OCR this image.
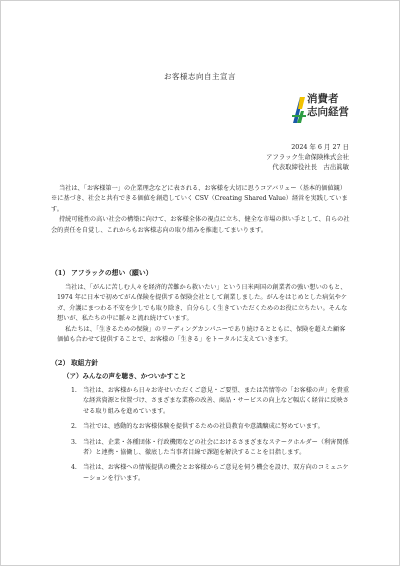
お客様志向自主宣言
消費者
志向経営
2024 年 6 月 27 日
アフラック生命保険株式会社
代表取締役社長　古出眞敏

当社は、「お客様第一」の企業理念などに表される、お客様を大切に思うコアバリュー（基本的価値観）※に基づき、社会と共有できる価値を創造していく CSV（Creating Shared Value）経営を実践しています。

持続可能性の高い社会の構築に向けて、お客様全体の視点に立ち、健全な市場の担い手として、自らの社会的責任を自覚し、これからもお客様志向の取り組みを推進してまいります。

（1） アフラックの想い（願い）

当社は、「がんに苦しむ人々を経済的苦難から救いたい」という日米両国の創業者の強い想いのもと、1974 年に日本で初めてがん保険を提供する保険会社として創業しました。がんをはじめとした病気やケガ、介護にまつわる不安を少しでも取り除き、自分らしく生きていただくためのお役に立ちたい。そんな想いが、私たちの中に脈々と流れ続けています。

私たちは、「生きるための保険」のリーディングカンパニーであり続けるとともに、保険を超えた顧客価値も合わせて提供することで、お客様の「生きる」をトータルに支えていきます。

（2） 取組方針
（ア）みんなの声を聴き、かついかすこと
1. 当社は、お客様から日々お寄せいただくご意見・ご要望、または苦情等の「お客様の声」を貴重な経営資源と位置づけ、さまざまな業務の改善、商品・サービスの向上など幅広く経営に反映させる取り組みを進めています。
2. 当社では、感動的なお客様体験を提供するための社員教育や意識醸成に努めています。
3. 当社は、企業・各種団体・行政機関などの社会におけるさまざまなステークホルダー（利害関係者）と連携・協働し、徹底した当事者目線で課題を解決することを目指します。
4. 当社は、お客様への情報提供の機会とお客様からご意見を伺う機会を設け、双方向のコミュニケーションを行います。
